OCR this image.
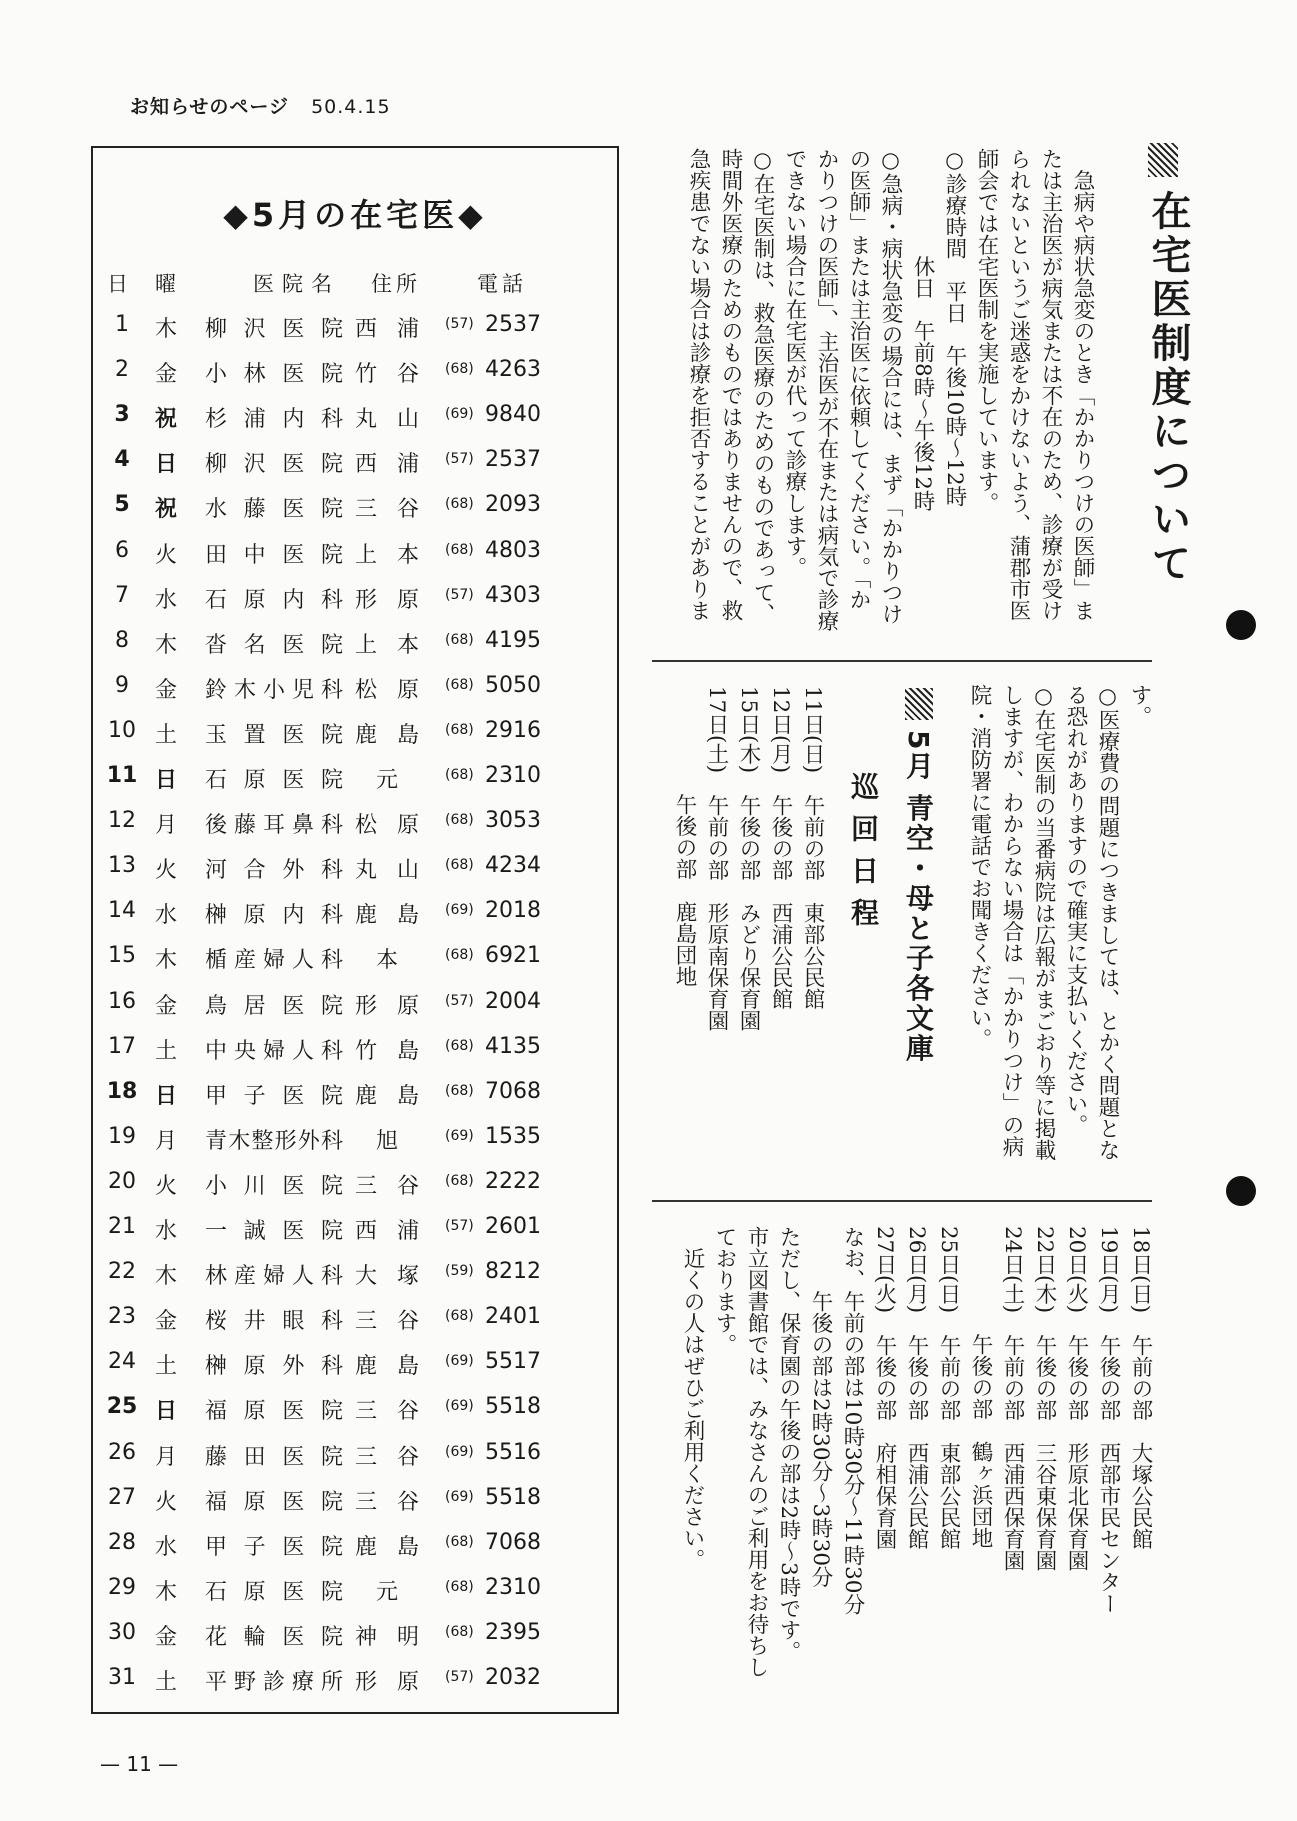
お知らせのページ 50.4.15
◆5月の在宅医◆
日 曜	医院名 住所	電話
1	木	柳沢医院 西浦 (57) 2537
2	金	小林医院 竹谷 (68) 4263
3	祝	杉浦内科 丸山 (69) 9840
4	日	柳沢医院 西浦 (57) 2537
5	祝	水藤医院 三谷 (68) 2093
6	火	田中医院 上本 (68) 4803
7	水	石原内科 形原 (57) 4303
8	木	沓名医院 上本 (68) 4195
9	金	鈴木小児科 松原 (68) 5050
10 土	玉置医院 鹿島 (68) 2916
11 日	石原医院	元	(68) 2310
12 月	後藤耳鼻科 松原 (68) 3053
13 火	河合外科 丸山 (68) 4234
14 水	榊原内科 鹿島 (69) 2018
15 木	楯産婦人科	本	(68) 6921
16 金	鳥居医院 形原 (57) 2004
17 土	中央婦人科 竹島 (68) 4135
18 日	甲子医院 鹿島 (68) 7068
19 月	青木整形外科	旭	(69) 1535
20 火	小川医院 三谷 (68) 2222
21 水	一誠医院 西浦 (57) 2601
22 木	林産婦人科 大塚 (59) 8212
23 金	桜井眼科 三谷 (68) 2401
24 土	榊原外科 鹿島 (69) 5517
25 日	福原医院 三谷 (69) 5518
26 月	藤田医院 三谷 (69) 5516
27 火	福原医院 三谷 (69) 5518
28 水	甲子医院 鹿島 (68) 7068
29 木	石原医院	元	(68) 2310
30 金	花輪医院 神明 (68) 2395
31 土	平野診療所 形原 (57) 2032
在宅医制度について
　急病や病状急変のとき「かかりつけの医師」ま
たは主治医が病気または不在のため、診療が受け
られないというご迷惑をかけないよう、蒲郡市医
師会では在宅医制を実施しています。
○診療時間　平日　午後10時〜12時
　　　　　休日　午前8時〜午後12時
○急病・病状急変の場合には、まず「かかりつけ
の医師」または主治医に依頼してください。「か
かりつけの医師」、主治医が不在または病気で診療
できない場合に在宅医が代って診療します。
○在宅医制は、救急医療のためのものであって、
時間外医療のためのものではありませんので、救
急疾患でない場合は診療を拒否することがありま
す。
○医療費の問題につきましては、とかく問題とな
る恐れがありますので確実に支払いください。
○在宅医制の当番病院は広報がまごおり等に掲載
しますが、わからない場合は「かかりつけ」の病
院・消防署に電話でお聞きください。
5月 青空・母と子各文庫
巡回日程
11日(日)　午前の部　東部公民館
12日(月)　午後の部　西浦公民館
15日(木)　午後の部　みどり保育園
17日(土)　午前の部　形原南保育園
　　　　　午後の部　鹿島団地
18日(日)　午前の部　大塚公民館
19日(月)　午後の部　西部市民センター
20日(火)　午後の部　形原北保育園
22日(木)　午後の部　三谷東保育園
24日(土)　午前の部　西浦西保育園
　　　　　午後の部　鶴ヶ浜団地
25日(日)　午前の部　東部公民館
26日(月)　午後の部　西浦公民館
27日(火)　午後の部　府相保育園
なお、午前の部は10時30分〜11時30分
　　　午後の部は2時30分〜3時30分
ただし、保育園の午後の部は2時〜3時です。
市立図書館では、みなさんのご利用をお待ちし
ております。
　近くの人はぜひご利用ください。
— 11 —
